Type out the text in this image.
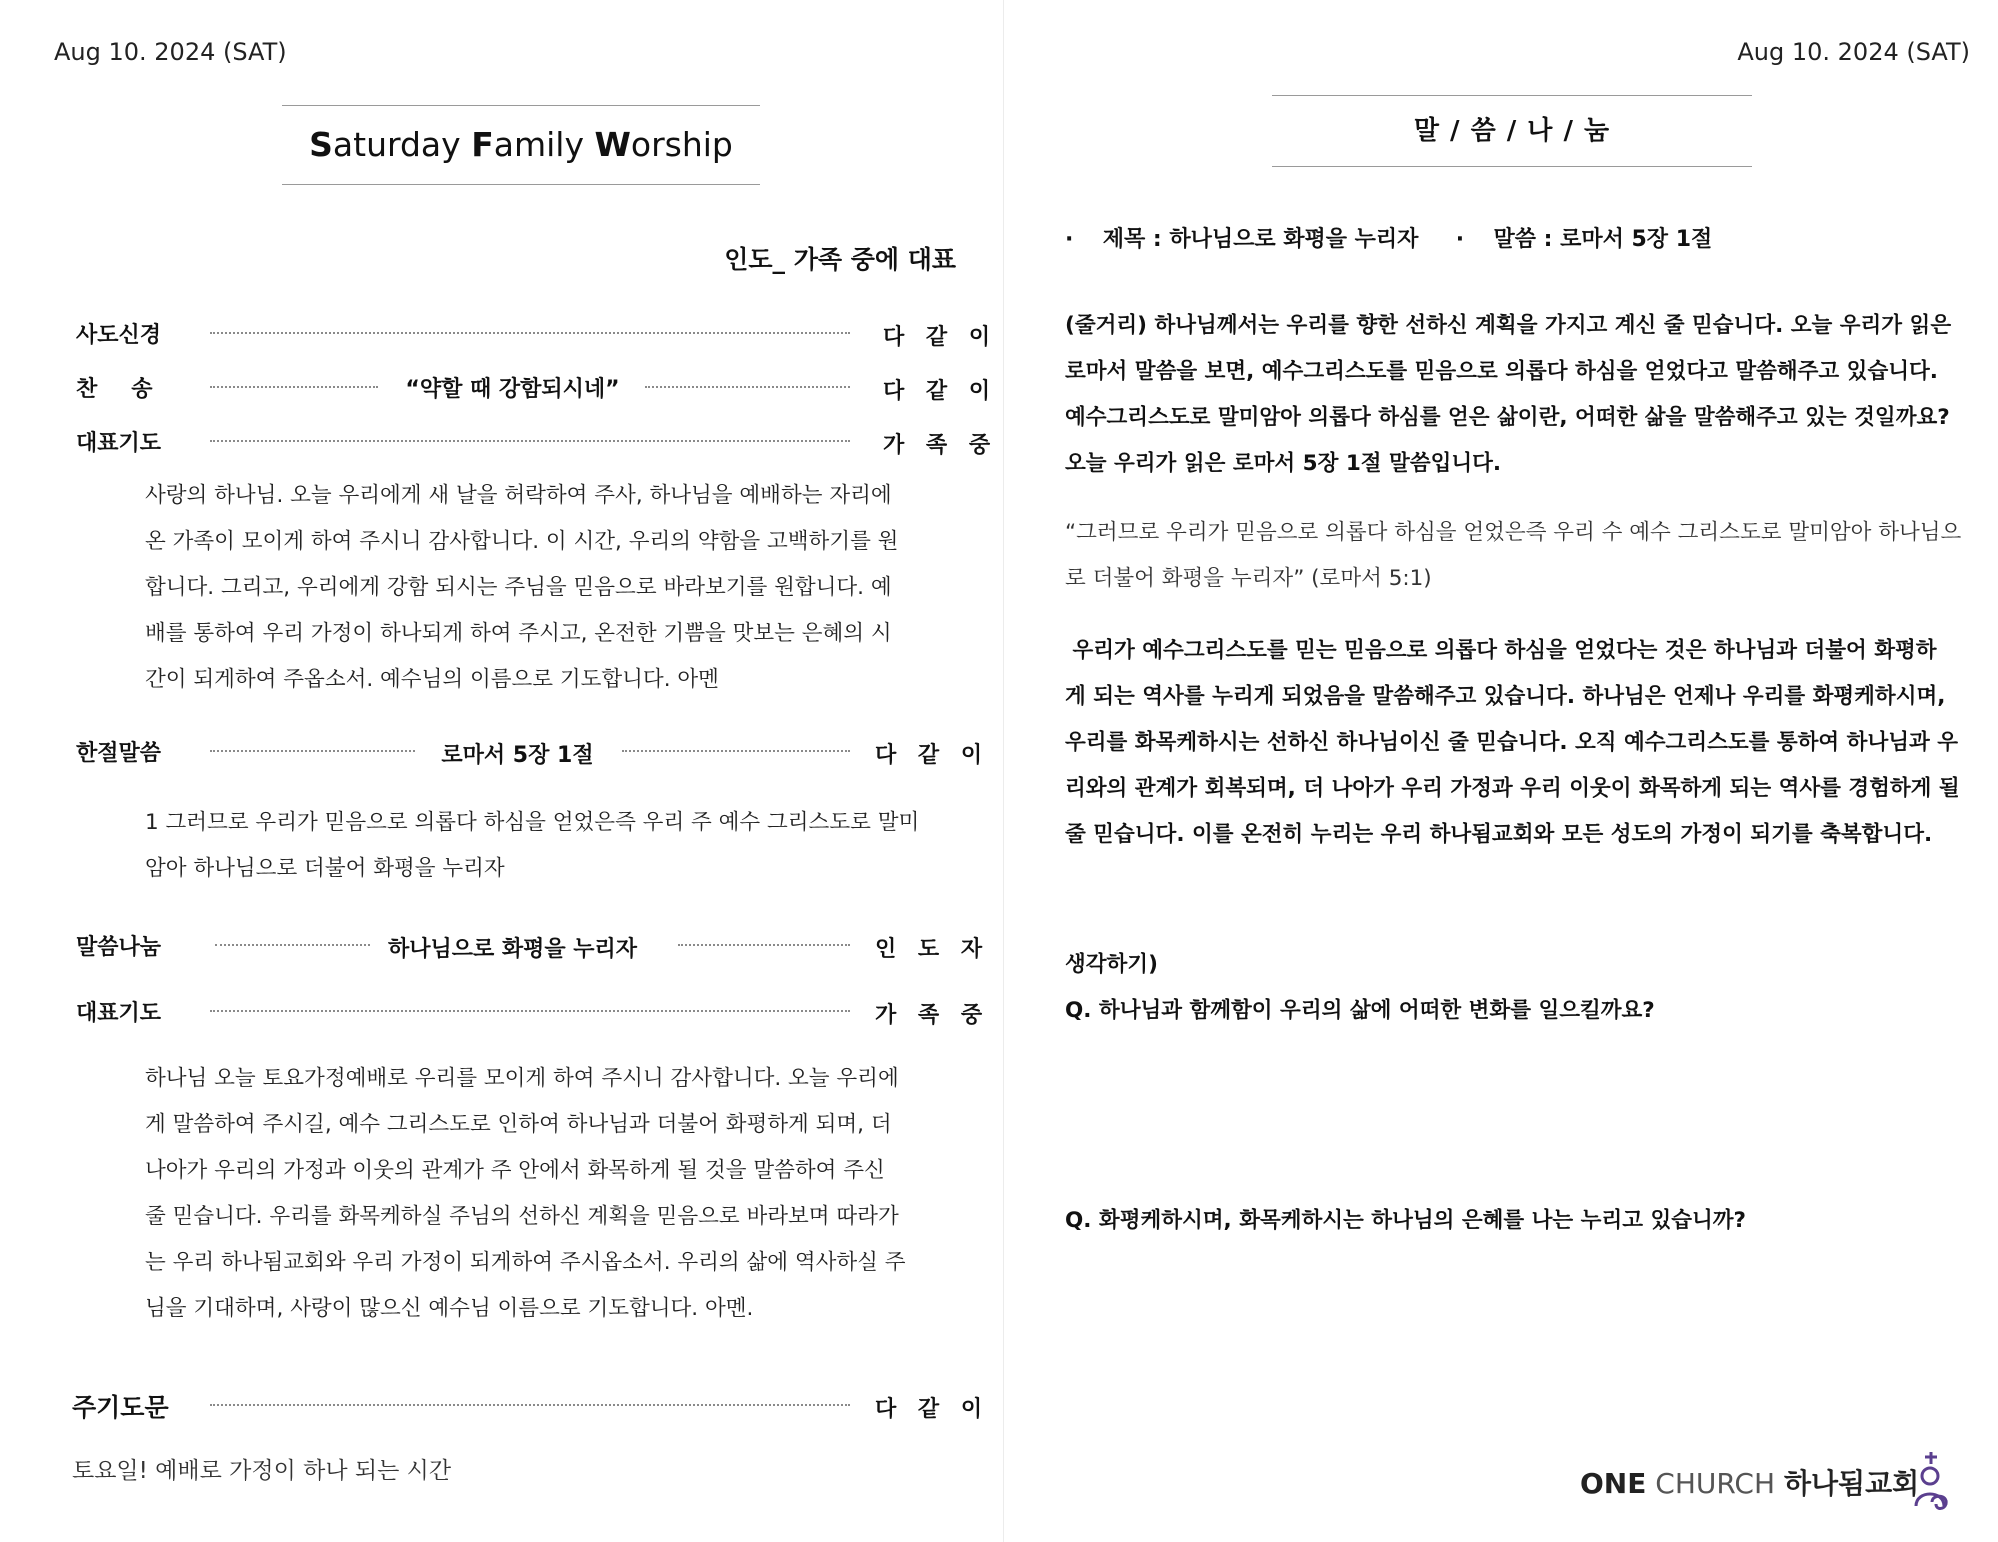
Aug 10. 2024 (SAT)
Saturday Family Worship
인도_ 가족 중에 대표
사도신경	다 같 이
찬송	“약할 때 강함되시네”	다 같 이
대표기도	가 족 중

사랑의 하나님. 오늘 우리에게 새 날을 허락하여 주사, 하나님을 예배하는 자리에

온 가족이 모이게 하여 주시니 감사합니다. 이 시간, 우리의 약함을 고백하기를 원

합니다. 그리고, 우리에게 강함 되시는 주님을 믿음으로 바라보기를 원합니다. 예

배를 통하여 우리 가정이 하나되게 하여 주시고, 온전한 기쁨을 맛보는 은혜의 시

간이 되게하여 주옵소서. 예수님의 이름으로 기도합니다. 아멘

한절말씀	로마서 5장 1절	다 같 이

1 그러므로 우리가 믿음으로 의롭다 하심을 얻었은즉 우리 주 예수 그리스도로 말미

암아 하나님으로 더불어 화평을 누리자

말씀나눔	하나님으로 화평을 누리자	인 도 자
대표기도	가 족 중

하나님 오늘 토요가정예배로 우리를 모이게 하여 주시니 감사합니다. 오늘 우리에

게 말씀하여 주시길, 예수 그리스도로 인하여 하나님과 더불어 화평하게 되며, 더

나아가 우리의 가정과 이웃의 관계가 주 안에서 화목하게 될 것을 말씀하여 주신

줄 믿습니다. 우리를 화목케하실 주님의 선하신 계획을 믿음으로 바라보며 따라가

는 우리 하나됨교회와 우리 가정이 되게하여 주시옵소서. 우리의 삶에 역사하실 주

님을 기대하며, 사랑이 많으신 예수님 이름으로 기도합니다. 아멘.

주기도문	다 같 이
토요일! 예배로 가정이 하나 되는 시간
Aug 10. 2024 (SAT)
말 / 씀 / 나 / 눔
· 제목 : 하나님으로 화평을 누리자 · 말씀 : 로마서 5장 1절

(줄거리) 하나님께서는 우리를 향한 선하신 계획을 가지고 계신 줄 믿습니다. 오늘 우리가 읽은

로마서 말씀을 보면, 예수그리스도를 믿음으로 의롭다 하심을 얻었다고 말씀해주고 있습니다.

예수그리스도로 말미암아 의롭다 하심를 얻은 삶이란, 어떠한 삶을 말씀해주고 있는 것일까요?

오늘 우리가 읽은 로마서 5장 1절 말씀입니다.

“그러므로 우리가 믿음으로 의롭다 하심을 얻었은즉 우리 수 예수 그리스도로 말미암아 하나님으

로 더불어 화평을 누리자” (로마서 5:1)

우리가 예수그리스도를 믿는 믿음으로 의롭다 하심을 얻었다는 것은 하나님과 더불어 화평하

게 되는 역사를 누리게 되었음을 말씀해주고 있습니다. 하나님은 언제나 우리를 화평케하시며,

우리를 화목케하시는 선하신 하나님이신 줄 믿습니다. 오직 예수그리스도를 통하여 하나님과 우

리와의 관계가 회복되며, 더 나아가 우리 가정과 우리 이웃이 화목하게 되는 역사를 경험하게 될

줄 믿습니다. 이를 온전히 누리는 우리 하나됨교회와 모든 성도의 가정이 되기를 축복합니다.

생각하기)
Q. 하나님과 함께함이 우리의 삶에 어떠한 변화를 일으킬까요?
Q. 화평케하시며, 화목케하시는 하나님의 은혜를 나는 누리고 있습니까?
ONE CHURCH 하나됨교회
